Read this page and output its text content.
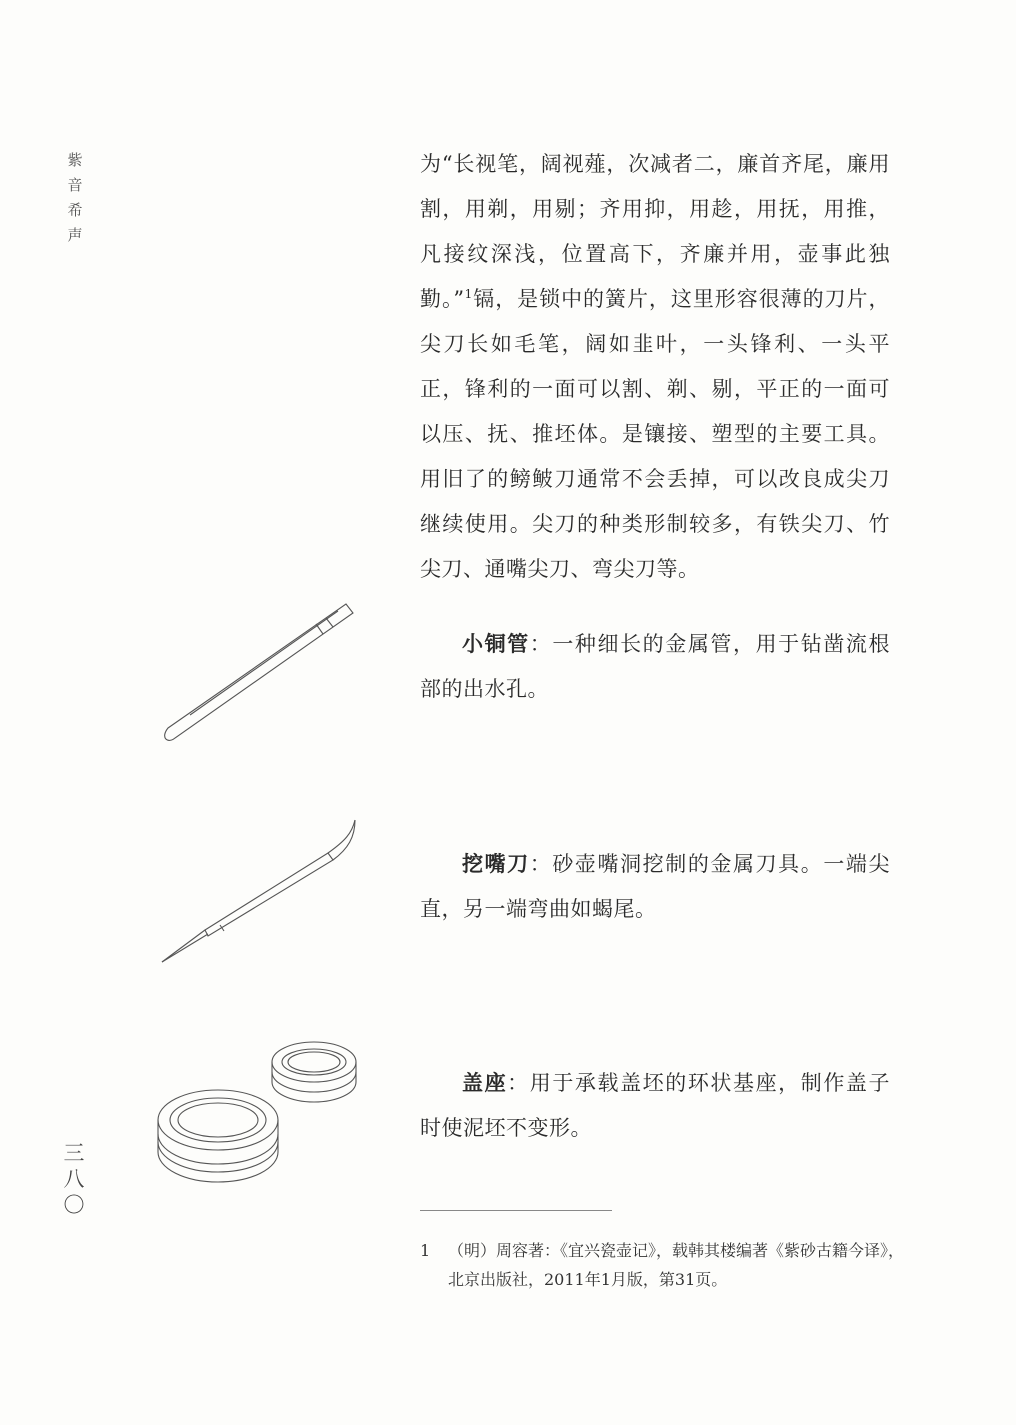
紫音希声

为“长视笔，阔视薤，次减者二，廉首齐尾，廉用割，用剃，用剔；齐用抑，用趁，用抚，用推，凡接纹深浅，位置高下，齐廉并用，壶事此独勤。”$^1$镉，是锁中的簧片，这里形容很薄的刀片，尖刀长如毛笔，阔如韭叶，一头锋利、一头平正，锋利的一面可以割、剃、剔，平正的一面可以压、抚、推坯体。是镶接、塑型的主要工具。用旧了的鳑鲏刀通常不会丢掉，可以改良成尖刀继续使用。尖刀的种类形制较多，有铁尖刀、竹尖刀、通嘴尖刀、弯尖刀等。

小铜管：一种细长的金属管，用于钻凿流根部的出水孔。

挖嘴刀：砂壶嘴洞挖制的金属刀具。一端尖直，另一端弯曲如蝎尾。

盖座：用于承载盖坯的环状基座，制作盖子时使泥坯不变形。

三八〇

1 （明）周容著：《宜兴瓷壶记》，载韩其楼编著《紫砂古籍今译》，北京出版社，2011年1月版，第31页。
